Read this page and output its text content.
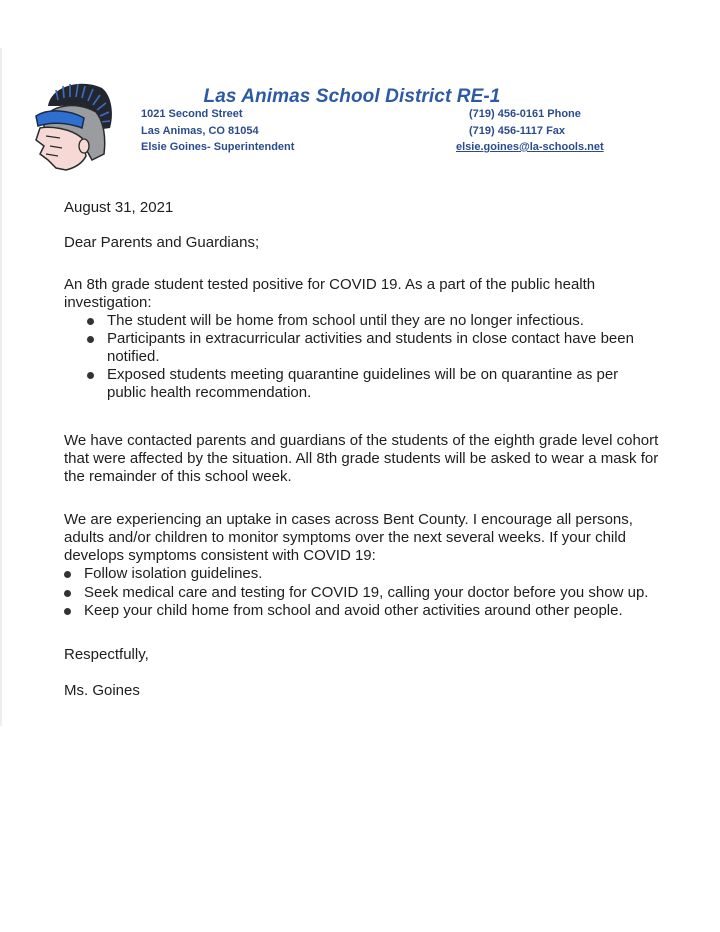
Las Animas School District RE-1
1021 Second Street
Las Animas, CO 81054
Elsie Goines- Superintendent
(719) 456-0161 Phone
(719) 456-1117 Fax
elsie.goines@la-schools.net
August 31, 2021
Dear Parents and Guardians;
An 8th grade student tested positive for COVID 19. As a part of the public health investigation:
The student will be home from school until they are no longer infectious.
Participants in extracurricular activities and students in close contact have been notified.
Exposed students meeting quarantine guidelines will be on quarantine as per public health recommendation.
We have contacted parents and guardians of the students of the eighth grade level cohort that were affected by the situation. All 8th grade students will be asked to wear a mask for the remainder of this school week.
We are experiencing an uptake in cases across Bent County. I encourage all persons, adults and/or children to monitor symptoms over the next several weeks. If your child develops symptoms consistent with COVID 19:
Follow isolation guidelines.
Seek medical care and testing for COVID 19, calling your doctor before you show up.
Keep your child home from school and avoid other activities around other people.
Respectfully,
Ms. Goines
